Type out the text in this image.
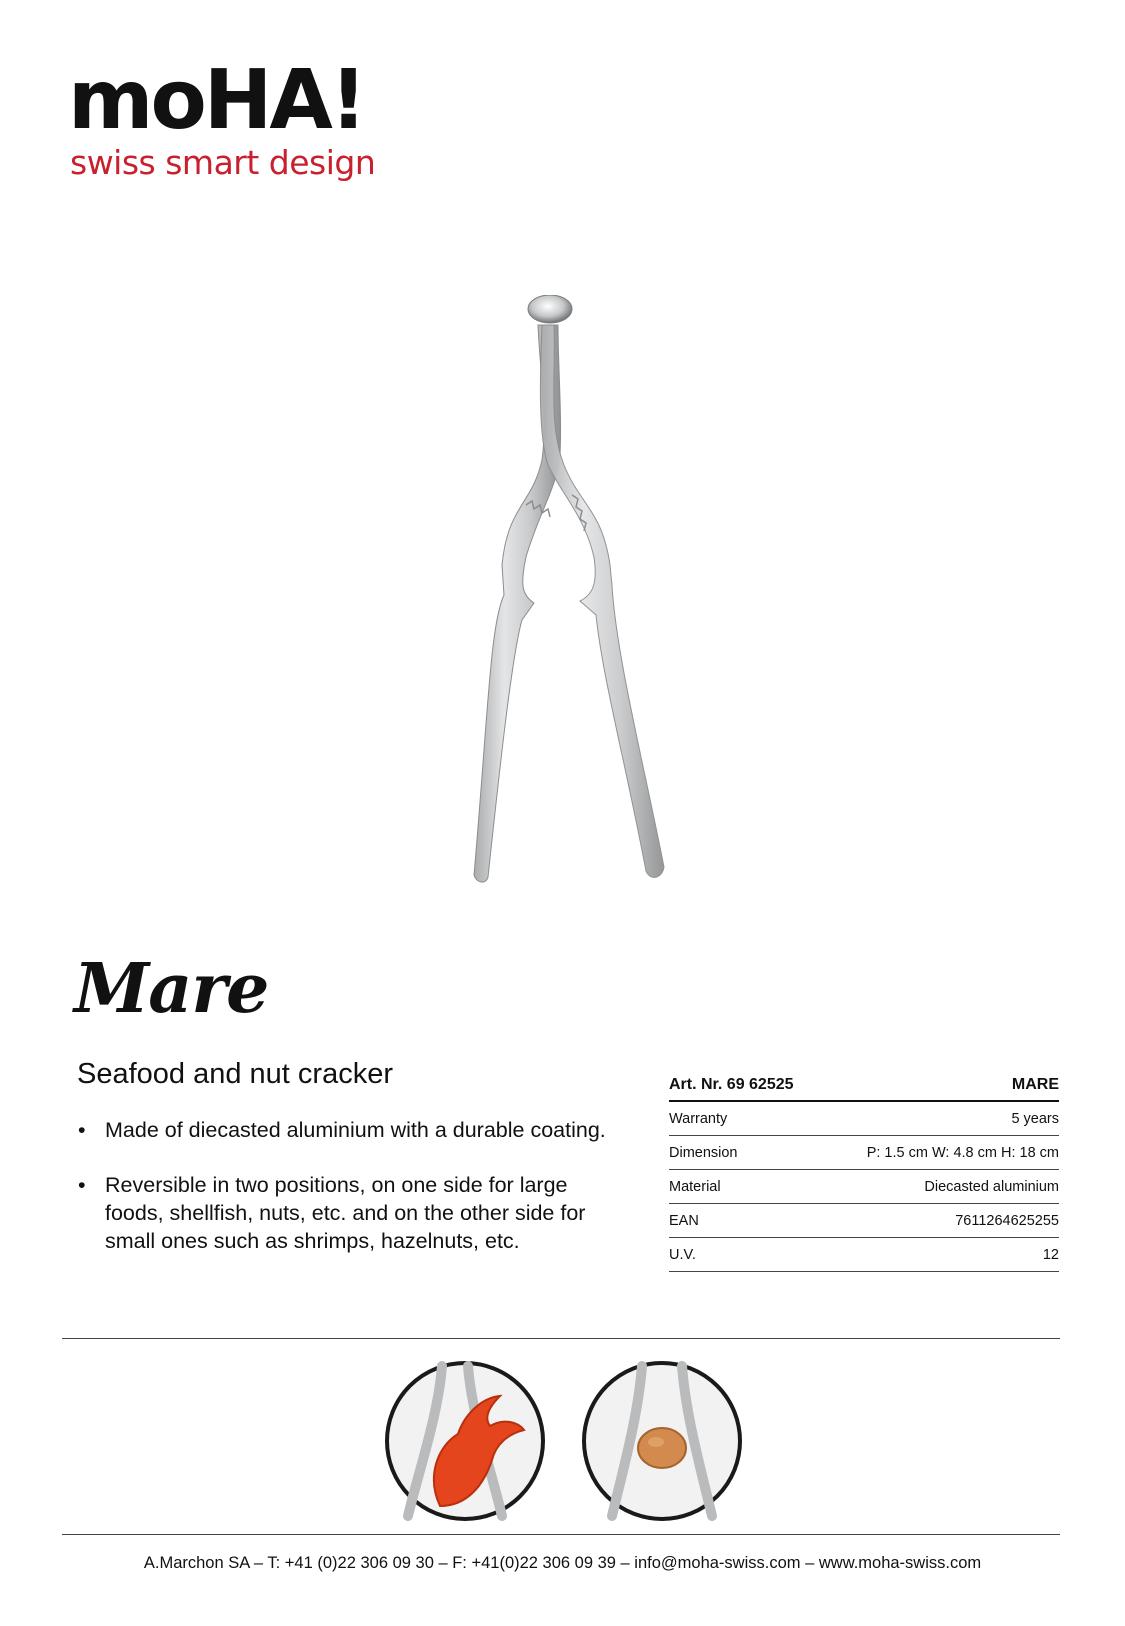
moHA!
swiss smart design
Mare
Seafood and nut cracker
• Made of diecasted aluminium with a durable coating.
• Reversible in two positions, on one side for large foods, shellfish, nuts, etc. and on the other side for small ones such as shrimps, hazelnuts, etc.
Art. Nr. 69 62525	MARE
Warranty	5 years
Dimension	P: 1.5 cm W: 4.8 cm H: 18 cm
Material	Diecasted aluminium
EAN	7611264625255
U.V.	12
A.Marchon SA – T: +41 (0)22 306 09 30 – F: +41(0)22 306 09 39 – info@moha-swiss.com – www.moha-swiss.com
